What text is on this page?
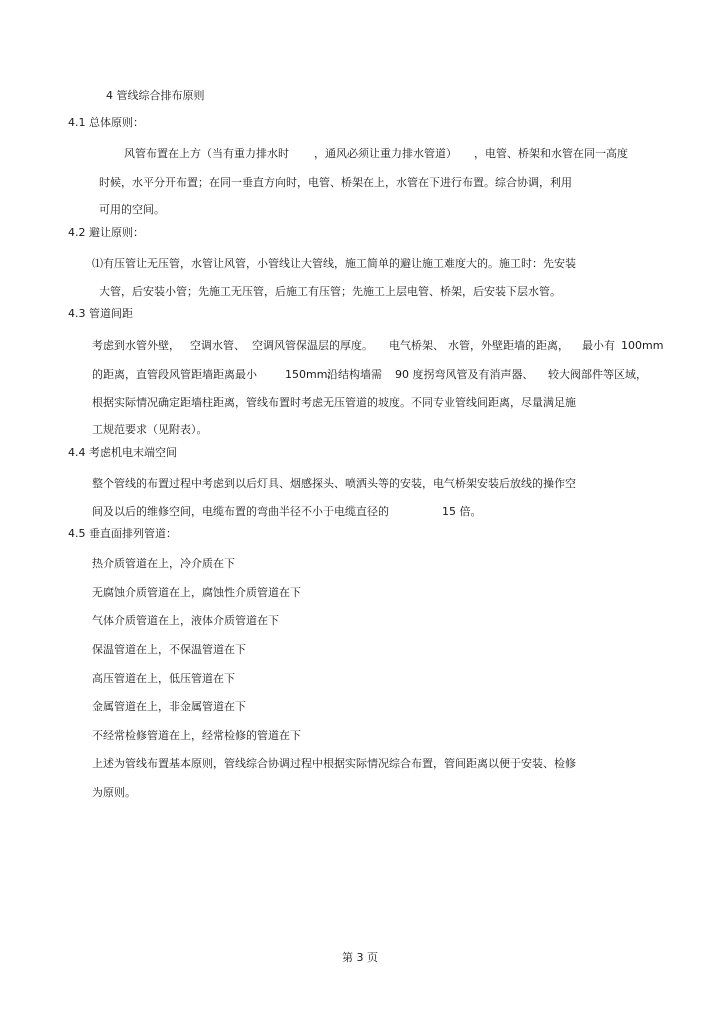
4 管线综合排布原则

4.1 总体原则：

风管布置在上方（当有重力排水时 ，通风必须让重力排水管道） ，电管、桥架和水管在同一高度

时候，水平分开布置；在同一垂直方向时，电管、桥架在上，水管在下进行布置。综合协调，利用

可用的空间。

4.2 避让原则：

⑴有压管让无压管，水管让风管，小管线让大管线，施工简单的避让施工难度大的。施工时：先安装

大管，后安装小管；先施工无压管，后施工有压管；先施工上层电管、桥架，后安装下层水管。

4.3 管道间距

考虑到水管外壁， 空调水管、 空调风管保温层的厚度。 电气桥架、 水管，外壁距墙的距离， 最小有 100mm

的距离，直管段风管距墙距离最小	150mm;
沿结构墙需 90 度拐弯风管及有消声器、 较大阀部件等区域，

根据实际情况确定距墙柱距离，管线布置时考虑无压管道的坡度。不同专业管线间距离，尽量满足施

工规范要求（见附表）。

4.4 考虑机电末端空间

整个管线的布置过程中考虑到以后灯具、烟感探头、喷洒头等的安装，电气桥架安装后放线的操作空

间及以后的维修空间，电缆布置的弯曲半径不小于电缆直径的	15 倍。

4.5 垂直面排列管道：

热介质管道在上，冷介质在下

无腐蚀介质管道在上，腐蚀性介质管道在下

气体介质管道在上，液体介质管道在下

保温管道在上，不保温管道在下

高压管道在上，低压管道在下

金属管道在上，非金属管道在下

不经常检修管道在上，经常检修的管道在下

上述为管线布置基本原则，管线综合协调过程中根据实际情况综合布置，管间距离以便于安装、检修

为原则。

第 3 页
